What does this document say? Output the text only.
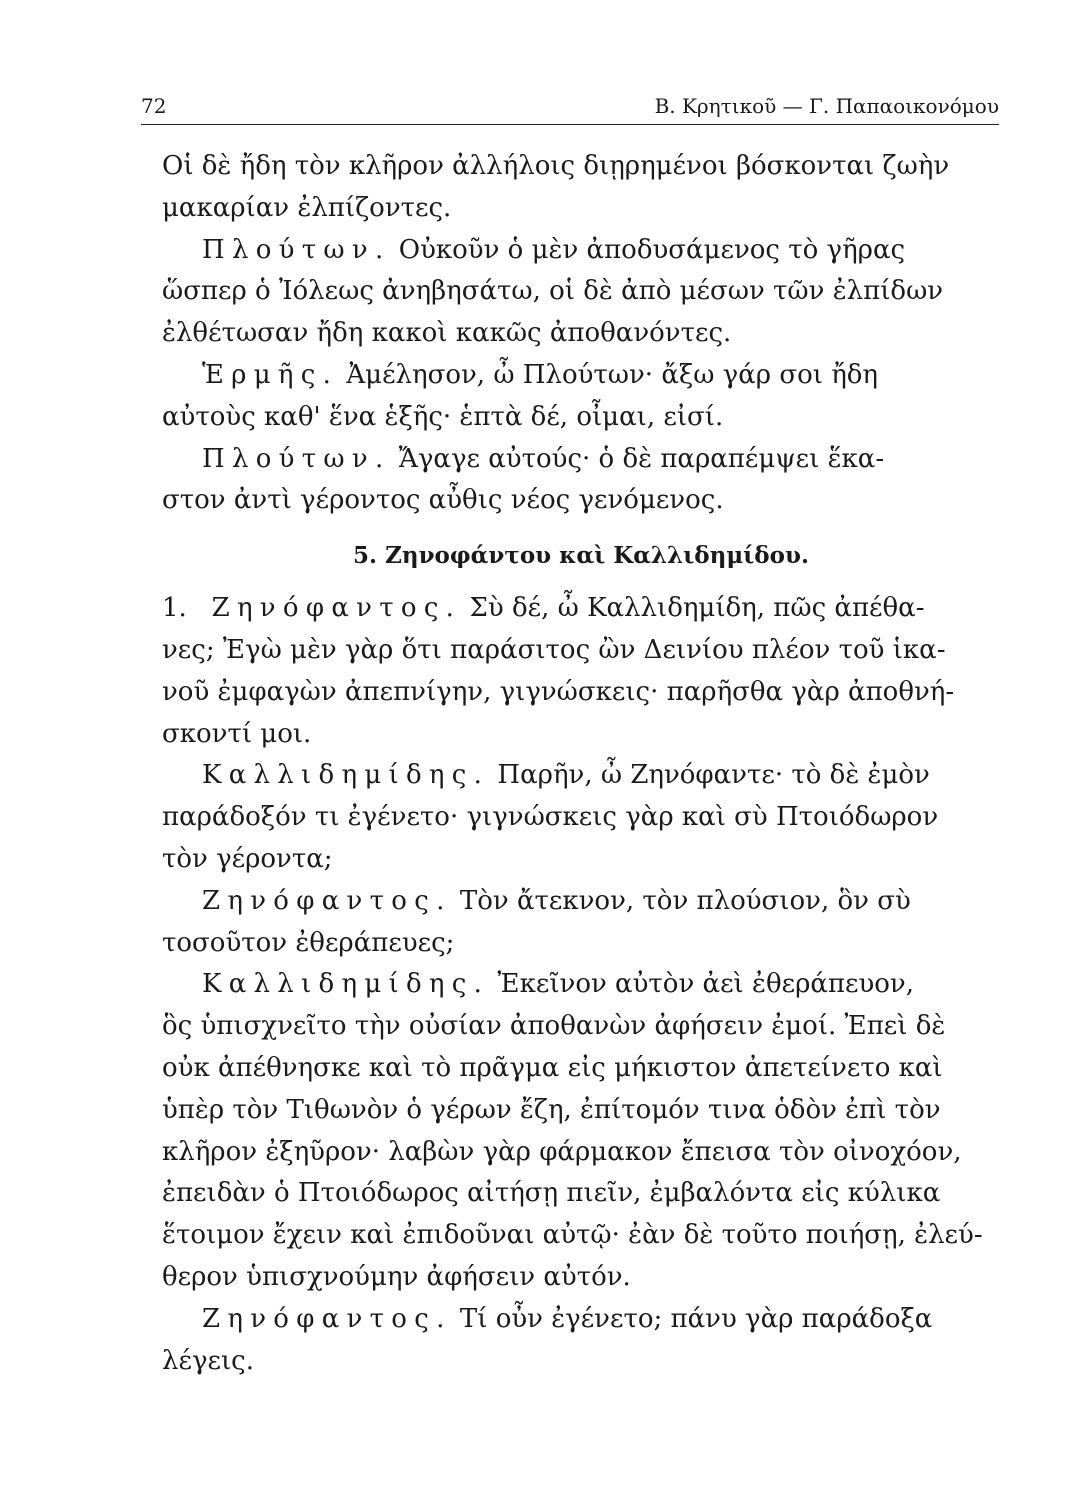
72	Β. Κρητικοῦ — Γ. Παπαοικονόμου
Οἱ δὲ ἤδη τὸν κλῆρον ἀλλήλοις διῃρημένοι βόσκονται ζωὴν
μακαρίαν ἐλπίζοντες.
Πλούτων. Οὐκοῦν ὁ μὲν ἀποδυσάμενος τὸ γῆρας
ὥσπερ ὁ Ἰόλεως ἀνηβησάτω, οἱ δὲ ἀπὸ μέσων τῶν ἐλπίδων
ἐλθέτωσαν ἤδη κακοὶ κακῶς ἀποθανόντες.
Ἑρμῆς. Ἀμέλησον, ὦ Πλούτων· ἄξω γάρ σοι ἤδη
αὐτοὺς καθ' ἕνα ἑξῆς· ἑπτὰ δέ, οἶμαι, εἰσί.
Πλούτων. Ἄγαγε αὐτούς· ὁ δὲ παραπέμψει ἕκα-
στον ἀντὶ γέροντος αὖθις νέος γενόμενος.
5. Ζηνοφάντου καὶ Καλλιδημίδου.
1. Ζηνόφαντος. Σὺ δέ, ὦ Καλλιδημίδη, πῶς ἀπέθα-
νες; Ἐγὼ μὲν γὰρ ὅτι παράσιτος ὢν Δεινίου πλέον τοῦ ἱκα-
νοῦ ἐμφαγὼν ἀπεπνίγην, γιγνώσκεις· παρῆσθα γὰρ ἀποθνή-
σκοντί μοι.
Καλλιδημίδης. Παρῆν, ὦ Ζηνόφαντε· τὸ δὲ ἐμὸν
παράδοξόν τι ἐγένετο· γιγνώσκεις γὰρ καὶ σὺ Πτοιόδωρον
τὸν γέροντα;
Ζηνόφαντος. Τὸν ἄτεκνον, τὸν πλούσιον, ὃν σὺ
τοσοῦτον ἐθεράπευες;
Καλλιδημίδης. Ἐκεῖνον αὐτὸν ἀεὶ ἐθεράπευον,
ὃς ὑπισχνεῖτο τὴν οὐσίαν ἀποθανὼν ἀφήσειν ἐμοί. Ἐπεὶ δὲ
οὐκ ἀπέθνησκε καὶ τὸ πρᾶγμα εἰς μήκιστον ἀπετείνετο καὶ
ὑπὲρ τὸν Τιθωνὸν ὁ γέρων ἔζη, ἐπίτομόν τινα ὁδὸν ἐπὶ τὸν
κλῆρον ἐξηῦρον· λαβὼν γὰρ φάρμακον ἔπεισα τὸν οἰνοχόον,
ἐπειδὰν ὁ Πτοιόδωρος αἰτήσῃ πιεῖν, ἐμβαλόντα εἰς κύλικα
ἕτοιμον ἔχειν καὶ ἐπιδοῦναι αὐτῷ· ἐὰν δὲ τοῦτο ποιήσῃ, ἐλεύ-
θερον ὑπισχνούμην ἀφήσειν αὐτόν.
Ζηνόφαντος. Τί οὖν ἐγένετο; πάνυ γὰρ παράδοξα
λέγεις.
